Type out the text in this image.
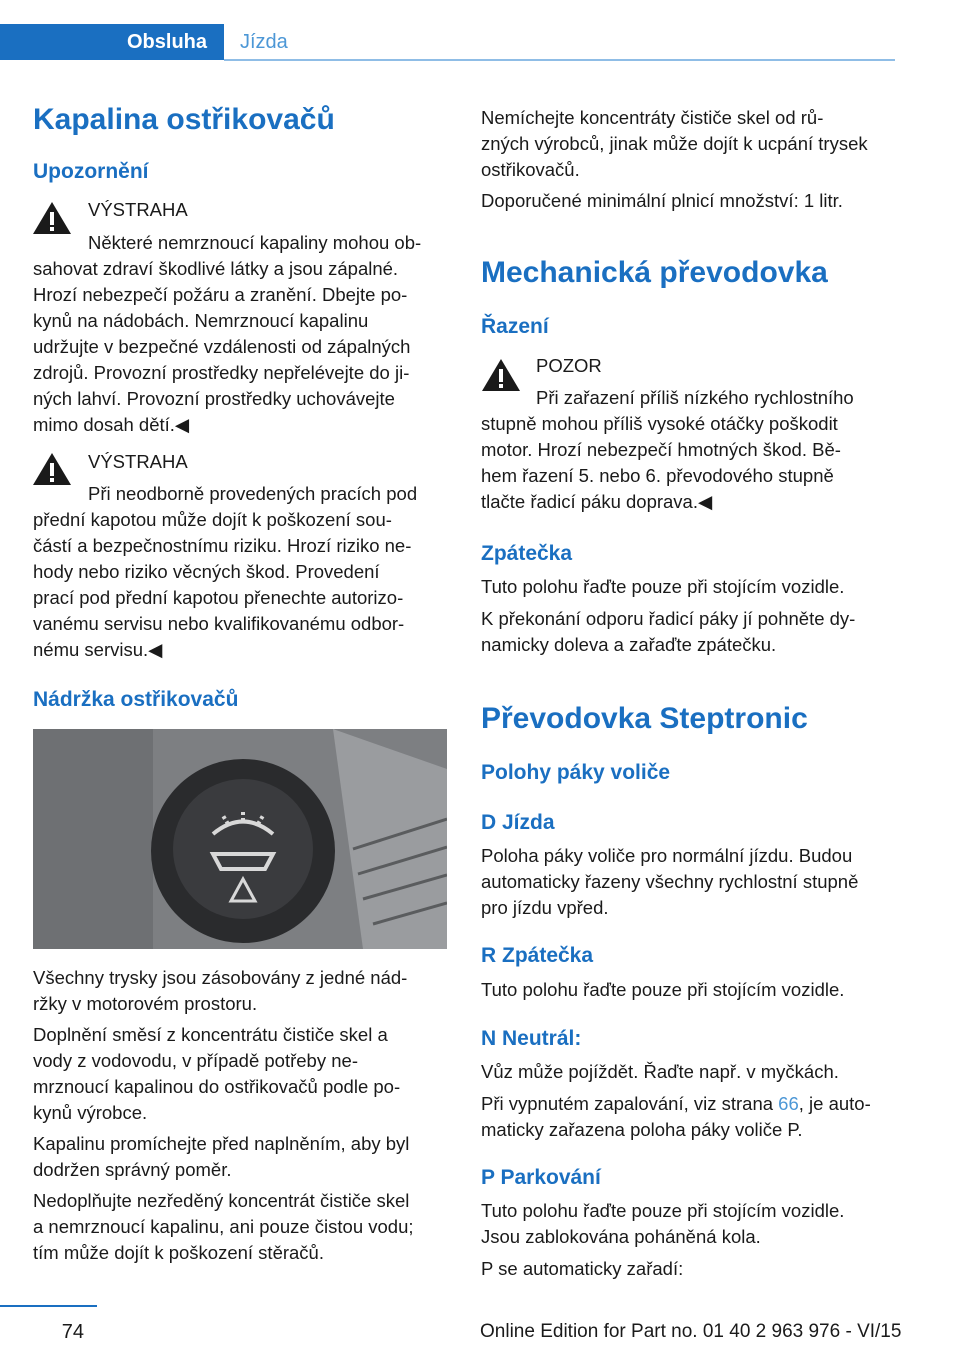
Obsluha	Jízda
Kapalina ostřikovačů
Upozornění
VÝSTRAHA
Některé nemrznoucí kapaliny mohou ob‐
sahovat zdraví škodlivé látky a jsou zápalné.
Hrozí nebezpečí požáru a zranění. Dbejte po‐
kynů na nádobách. Nemrznoucí kapalinu
udržujte v bezpečné vzdálenosti od zápalných
zdrojů. Provozní prostředky nepřelévejte do ji‐
ných lahví. Provozní prostředky uchovávejte
mimo dosah dětí.◀
VÝSTRAHA
Při neodborně provedených pracích pod
přední kapotou může dojít k poškození sou‐
částí a bezpečnostnímu riziku. Hrozí riziko ne‐
hody nebo riziko věcných škod. Provedení
prací pod přední kapotou přenechte autorizo‐
vanému servisu nebo kvalifikovanému odbor‐
nému servisu.◀
Nádržka ostřikovačů
Všechny trysky jsou zásobovány z jedné nád‐
ržky v motorovém prostoru.
Doplnění směsí z koncentrátu čističe skel a
vody z vodovodu, v případě potřeby ne‐
mrznoucí kapalinou do ostřikovačů podle po‐
kynů výrobce.
Kapalinu promíchejte před naplněním, aby byl
dodržen správný poměr.
Nedoplňujte nezředěný koncentrát čističe skel
a nemrznoucí kapalinu, ani pouze čistou vodu;
tím může dojít k poškození stěračů.
Nemíchejte koncentráty čističe skel od rů‐
zných výrobců, jinak může dojít k ucpání trysek
ostřikovačů.
Doporučené minimální plnicí množství: 1 litr.
Mechanická převodovka
Řazení
POZOR
Při zařazení příliš nízkého rychlostního
stupně mohou příliš vysoké otáčky poškodit
motor. Hrozí nebezpečí hmotných škod. Bě‐
hem řazení 5. nebo 6. převodového stupně
tlačte řadicí páku doprava.◀
Zpátečka
Tuto polohu řaďte pouze při stojícím vozidle.
K překonání odporu řadicí páky jí pohněte dy‐
namicky doleva a zařaďte zpátečku.
Převodovka Steptronic
Polohy páky voliče
D Jízda
Poloha páky voliče pro normální jízdu. Budou
automaticky řazeny všechny rychlostní stupně
pro jízdu vpřed.
R Zpátečka
Tuto polohu řaďte pouze při stojícím vozidle.
N Neutrál:
Vůz může pojíždět. Řaďte např. v myčkách.
Při vypnutém zapalování, viz strana 66, je auto‐
maticky zařazena poloha páky voliče P.
P Parkování
Tuto polohu řaďte pouze při stojícím vozidle.
Jsou zablokována poháněná kola.
P se automaticky zařadí:
74	Online Edition for Part no. 01 40 2 963 976 - VI/15
